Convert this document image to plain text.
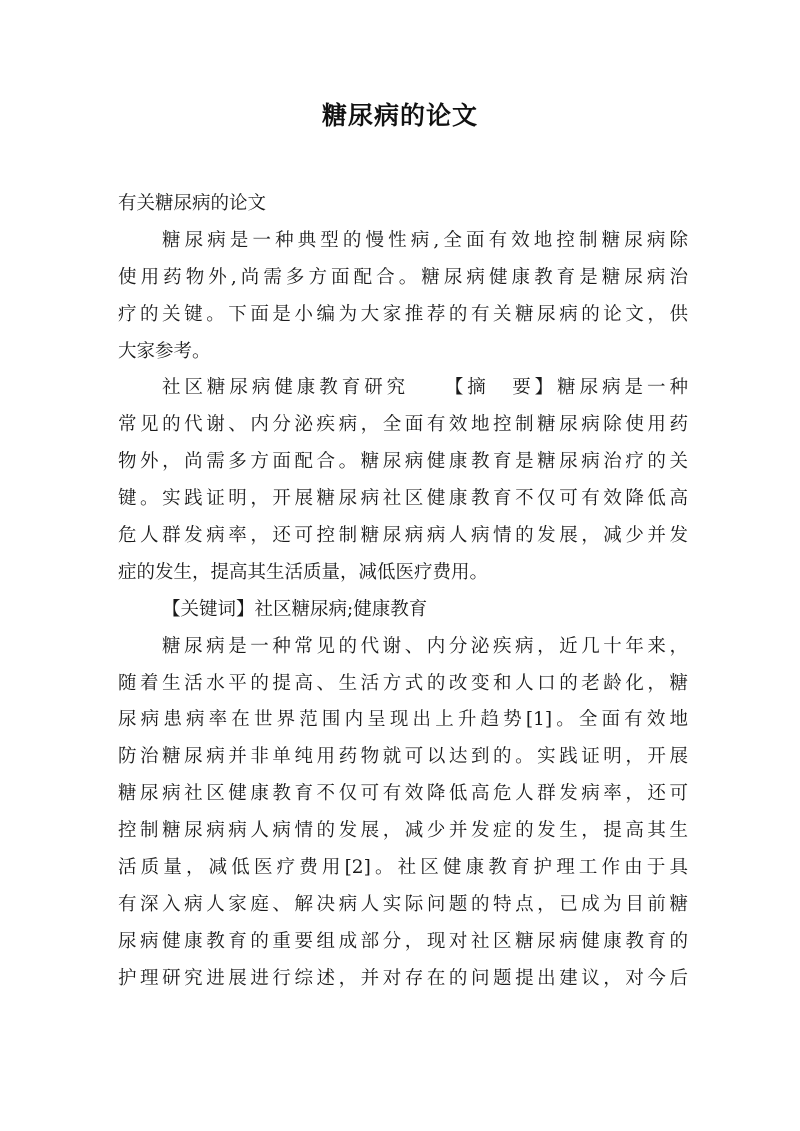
糖尿病的论文
有关糖尿病的论文
糖尿病是一种典型的慢性病,全面有效地控制糖尿病除
使用药物外,尚需多方面配合。糖尿病健康教育是糖尿病治
疗的关键。下面是小编为大家推荐的有关糖尿病的论文，供
大家参考。
社区糖尿病健康教育研究　　【摘　要】糖尿病是一种
常见的代谢、内分泌疾病，全面有效地控制糖尿病除使用药
物外，尚需多方面配合。糖尿病健康教育是糖尿病治疗的关
键。实践证明，开展糖尿病社区健康教育不仅可有效降低高
危人群发病率，还可控制糖尿病病人病情的发展，减少并发
症的发生，提高其生活质量，减低医疗费用。
【关键词】社区糖尿病;健康教育
糖尿病是一种常见的代谢、内分泌疾病，近几十年来，
随着生活水平的提高、生活方式的改变和人口的老龄化，糖
尿病患病率在世界范围内呈现出上升趋势[1]。全面有效地
防治糖尿病并非单纯用药物就可以达到的。实践证明，开展
糖尿病社区健康教育不仅可有效降低高危人群发病率，还可
控制糖尿病病人病情的发展，减少并发症的发生，提高其生
活质量，减低医疗费用[2]。社区健康教育护理工作由于具
有深入病人家庭、解决病人实际问题的特点，已成为目前糖
尿病健康教育的重要组成部分，现对社区糖尿病健康教育的
护理研究进展进行综述，并对存在的问题提出建议，对今后
